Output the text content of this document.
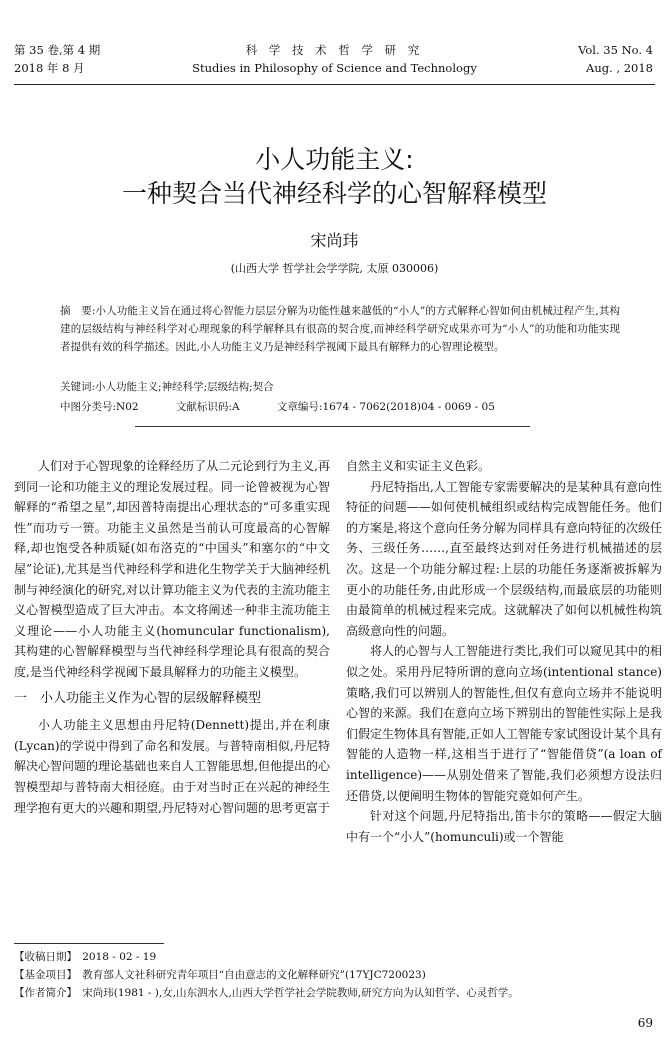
第 35 卷,第 4 期
2018 年 8 月
科 学 技 术 哲 学 研 究
Studies in Philosophy of Science and Technology
Vol. 35 No. 4
Aug. , 2018
小人功能主义:
一种契合当代神经科学的心智解释模型
宋尚玮
(山西大学 哲学社会学学院, 太原 030006)
摘　要:小人功能主义旨在通过将心智能力层层分解为功能性越来越低的“小人”的方式解释心智如何由机械过程产生,其构建的层级结构与神经科学对心理现象的科学解释具有很高的契合度,而神经科学研究成果亦可为“小人”的功能和功能实现者提供有效的科学描述。因此,小人功能主义乃是神经科学视阈下最具有解释力的心智理论模型。
关键词:小人功能主义;神经科学;层级结构;契合
中图分类号:N02	文献标识码:A	文章编号:1674 - 7062(2018)04 - 0069 - 05

人们对于心智现象的诠释经历了从二元论到行为主义,再到同一论和功能主义的理论发展过程。同一论曾被视为心智解释的“希望之星”,却因普特南提出心理状态的“可多重实现性”而功亏一篑。功能主义虽然是当前认可度最高的心智解释,却也饱受各种质疑(如布洛克的“中国头”和塞尔的“中文屋”论证),尤其是当代神经科学和进化生物学关于大脑神经机制与神经演化的研究,对以计算功能主义为代表的主流功能主义心智模型造成了巨大冲击。本文将阐述一种非主流功能主义理论——小人功能主义(homuncular functionalism),其构建的心智解释模型与当代神经科学理论具有很高的契合度,是当代神经科学视阈下最具解释力的功能主义模型。

一　小人功能主义作为心智的层级解释模型

小人功能主义思想由丹尼特(Dennett)提出,并在利康(Lycan)的学说中得到了命名和发展。与普特南相似,丹尼特解决心智问题的理论基础也来自人工智能思想,但他提出的心智模型却与普特南大相径庭。由于对当时正在兴起的神经生理学抱有更大的兴趣和期望,丹尼特对心智问题的思考更富于

自然主义和实证主义色彩。

丹尼特指出,人工智能专家需要解决的是某种具有意向性特征的问题——如何使机械组织或结构完成智能任务。他们的方案是,将这个意向任务分解为同样具有意向特征的次级任务、三级任务……,直至最终达到对任务进行机械描述的层次。这是一个功能分解过程:上层的功能任务逐渐被拆解为更小的功能任务,由此形成一个层级结构,而最底层的功能则由最简单的机械过程来完成。这就解决了如何以机械性构筑高级意向性的问题。

将人的心智与人工智能进行类比,我们可以窥见其中的相似之处。采用丹尼特所谓的意向立场(intentional stance)策略,我们可以辨别人的智能性,但仅有意向立场并不能说明心智的来源。我们在意向立场下辨别出的智能性实际上是我们假定生物体具有智能,正如人工智能专家试图设计某个具有智能的人造物一样,这相当于进行了“智能借贷”(a loan of intelligence)——从别处借来了智能,我们必须想方设法归还借贷,以便阐明生物体的智能究竟如何产生。

针对这个问题,丹尼特指出,笛卡尔的策略——假定大脑中有一个“小人”(homunculi)或一个智能

【收稿日期】　2018 - 02 - 19
【基金项目】　教育部人文社科研究青年项目“自由意志的文化解释研究”(17YJC720023)
【作者简介】　宋尚玮(1981 - ),女,山东泗水人,山西大学哲学社会学院教师,研究方向为认知哲学、心灵哲学。
69
